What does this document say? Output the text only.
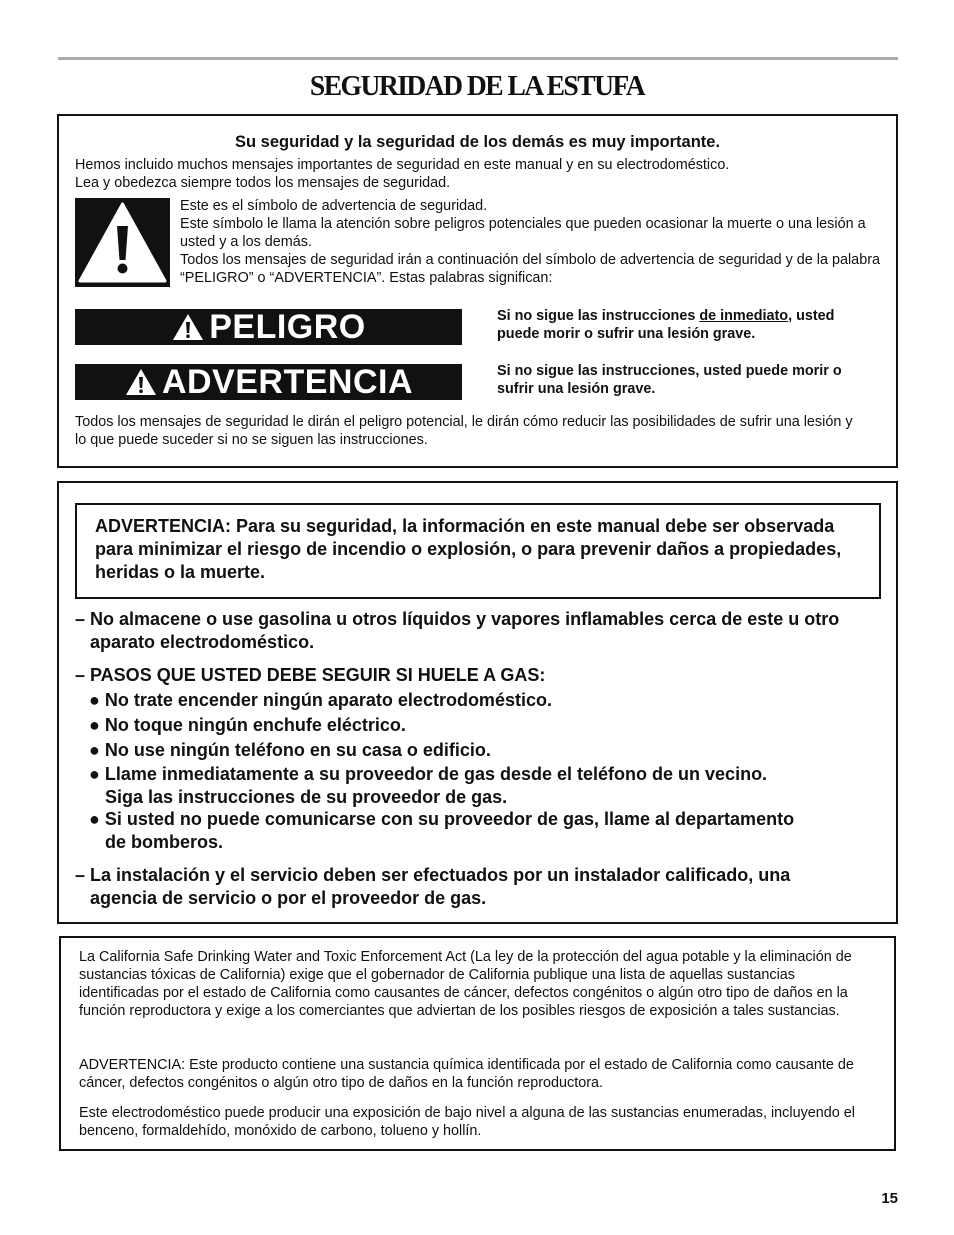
SEGURIDAD DE LA ESTUFA
Su seguridad y la seguridad de los demás es muy importante.
Hemos incluido muchos mensajes importantes de seguridad en este manual y en su electrodoméstico.
Lea y obedezca siempre todos los mensajes de seguridad.
Este es el símbolo de advertencia de seguridad.
Este símbolo le llama la atención sobre peligros potenciales que pueden ocasionar la muerte o una lesión a usted y a los demás.
Todos los mensajes de seguridad irán a continuación del símbolo de advertencia de seguridad y de la palabra “PELIGRO” o “ADVERTENCIA”. Estas palabras significan:
PELIGRO	Si no sigue las instrucciones de inmediato, usted puede morir o sufrir una lesión grave.
ADVERTENCIA	Si no sigue las instrucciones, usted puede morir o sufrir una lesión grave.
Todos los mensajes de seguridad le dirán el peligro potencial, le dirán cómo reducir las posibilidades de sufrir una lesión y lo que puede suceder si no se siguen las instrucciones.
ADVERTENCIA: Para su seguridad, la información en este manual debe ser observada para minimizar el riesgo de incendio o explosión, o para prevenir daños a propiedades, heridas o la muerte.
– No almacene o use gasolina u otros líquidos y vapores inflamables cerca de este u otro
aparato electrodoméstico.
– PASOS QUE USTED DEBE SEGUIR SI HUELE A GAS:
● No trate encender ningún aparato electrodoméstico.
● No toque ningún enchufe eléctrico.
● No use ningún teléfono en su casa o edificio.
● Llame inmediatamente a su proveedor de gas desde el teléfono de un vecino.
Siga las instrucciones de su proveedor de gas.
● Si usted no puede comunicarse con su proveedor de gas, llame al departamento
de bomberos.
– La instalación y el servicio deben ser efectuados por un instalador calificado, una
agencia de servicio o por el proveedor de gas.
La California Safe Drinking Water and Toxic Enforcement Act (La ley de la protección del agua potable y la eliminación de sustancias tóxicas de California) exige que el gobernador de California publique una lista de aquellas sustancias identificadas por el estado de California como causantes de cáncer, defectos congénitos o algún otro tipo de daños en la función reproductora y exige a los comerciantes que adviertan de los posibles riesgos de exposición a tales sustancias.
ADVERTENCIA: Este producto contiene una sustancia química identificada por el estado de California como causante de cáncer, defectos congénitos o algún otro tipo de daños en la función reproductora.
Este electrodoméstico puede producir una exposición de bajo nivel a alguna de las sustancias enumeradas, incluyendo el benceno, formaldehído, monóxido de carbono, tolueno y hollín.
15
